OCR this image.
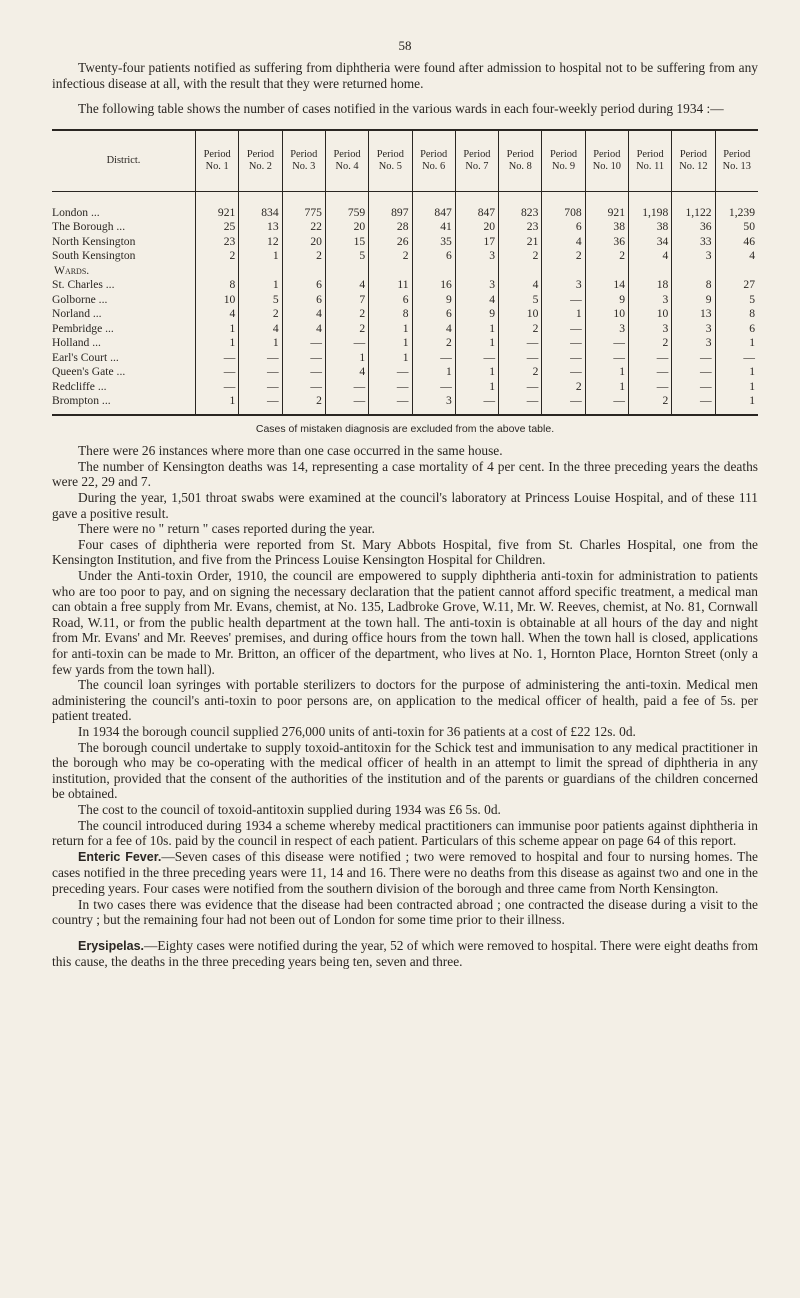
58

Twenty-four patients notified as suffering from diphtheria were found after admission to hospital not to be suffering from any infectious disease at all, with the result that they were returned home.

The following table shows the number of cases notified in the various wards in each four-weekly period during 1934 :—

District.	Period No. 1	Period No. 2	Period No. 3	Period No. 4	Period No. 5	Period No. 6	Period No. 7	Period No. 8	Period No. 9	Period No. 10	Period No. 11	Period No. 12	Period No. 13

London ...	921	834	775	759	897	847	847	823	708	921	1,198	1,122	1,239
The Borough ...	25	13	22	20	28	41	20	23	6	38	38	36	50
North Kensington	23	12	20	15	26	35	17	21	4	36	34	33	46
South Kensington	2	1	2	5	2	6	3	2	2	2	4	3	4
Wards.													
St. Charles ...	8	1	6	4	11	16	3	4	3	14	18	8	27
Golborne ...	10	5	6	7	6	9	4	5	—	9	3	9	5
Norland ...	4	2	4	2	8	6	9	10	1	10	10	13	8
Pembridge ...	1	4	4	2	1	4	1	2	—	3	3	3	6
Holland ...	1	1	—	—	1	2	1	—	—	—	2	3	1
Earl's Court ...	—	—	—	1	1	—	—	—	—	—	—	—	—
Queen's Gate ...	—	—	—	4	—	1	1	2	—	1	—	—	1
Redcliffe ...	—	—	—	—	—	—	1	—	2	1	—	—	1
Brompton ...	1	—	2	—	—	3	—	—	—	—	2	—	1
Cases of mistaken diagnosis are excluded from the above table.

There were 26 instances where more than one case occurred in the same house.

The number of Kensington deaths was 14, representing a case mortality of 4 per cent. In the three preceding years the deaths were 22, 29 and 7.

During the year, 1,501 throat swabs were examined at the council's laboratory at Princess Louise Hospital, and of these 111 gave a positive result.

There were no " return " cases reported during the year.

Four cases of diphtheria were reported from St. Mary Abbots Hospital, five from St. Charles Hospital, one from the Kensington Institution, and five from the Princess Louise Kensington Hospital for Children.

Under the Anti-toxin Order, 1910, the council are empowered to supply diphtheria anti-toxin for administration to patients who are too poor to pay, and on signing the necessary declaration that the patient cannot afford specific treatment, a medical man can obtain a free supply from Mr. Evans, chemist, at No. 135, Ladbroke Grove, W.11, Mr. W. Reeves, chemist, at No. 81, Cornwall Road, W.11, or from the public health department at the town hall. The anti-toxin is obtainable at all hours of the day and night from Mr. Evans' and Mr. Reeves' premises, and during office hours from the town hall. When the town hall is closed, applications for anti-toxin can be made to Mr. Britton, an officer of the department, who lives at No. 1, Hornton Place, Hornton Street (only a few yards from the town hall).

The council loan syringes with portable sterilizers to doctors for the purpose of administering the anti-toxin. Medical men administering the council's anti-toxin to poor persons are, on application to the medical officer of health, paid a fee of 5s. per patient treated.

In 1934 the borough council supplied 276,000 units of anti-toxin for 36 patients at a cost of £22 12s. 0d.

The borough council undertake to supply toxoid-antitoxin for the Schick test and immunisation to any medical practitioner in the borough who may be co-operating with the medical officer of health in an attempt to limit the spread of diphtheria in any institution, provided that the consent of the authorities of the institution and of the parents or guardians of the children concerned be obtained.

The cost to the council of toxoid-antitoxin supplied during 1934 was £6 5s. 0d.

The council introduced during 1934 a scheme whereby medical practitioners can immunise poor patients against diphtheria in return for a fee of 10s. paid by the council in respect of each patient. Particulars of this scheme appear on page 64 of this report.

Enteric Fever.—Seven cases of this disease were notified ; two were removed to hospital and four to nursing homes. The cases notified in the three preceding years were 11, 14 and 16. There were no deaths from this disease as against two and one in the preceding years. Four cases were notified from the southern division of the borough and three came from North Kensington.

In two cases there was evidence that the disease had been contracted abroad ; one contracted the disease during a visit to the country ; but the remaining four had not been out of London for some time prior to their illness.

Erysipelas.—Eighty cases were notified during the year, 52 of which were removed to hospital. There were eight deaths from this cause, the deaths in the three preceding years being ten, seven and three.
